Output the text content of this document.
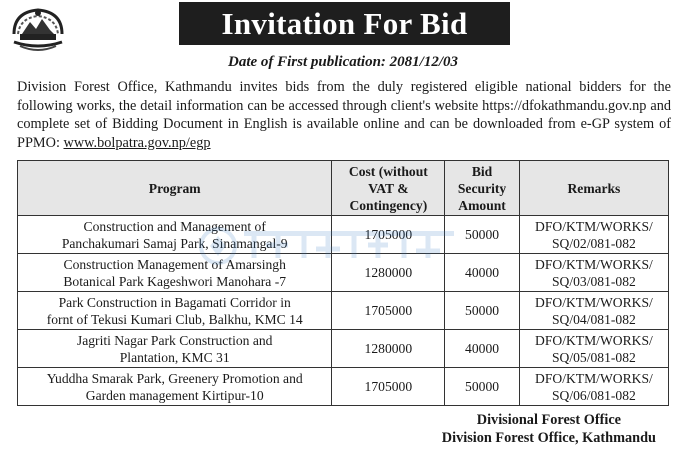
Invitation For Bid
Date of First publication: 2081/12/03

Division Forest Office, Kathmandu invites bids from the duly registered eligible national bidders for the following works, the detail information can be accessed through client's website https://dfokathmandu.gov.np and complete set of Bidding Document in English is available online and can be downloaded from e-GP system of PPMO: www.bolpatra.gov.np/egp

Program	Cost (without VAT & Contingency)	Bid Security Amount	Remarks
Construction and Management of
Panchakumari Samaj Park, Sinamangal-9	1705000	50000	DFO/KTM/WORKS/
SQ/02/081-082
Construction Management of Amarsingh
Botanical Park Kageshwori Manohara -7	1280000	40000	DFO/KTM/WORKS/
SQ/03/081-082
Park Construction in Bagamati Corridor in
fornt of Tekusi Kumari Club, Balkhu, KMC 14	1705000	50000	DFO/KTM/WORKS/
SQ/04/081-082
Jagriti Nagar Park Construction and
Plantation, KMC 31	1280000	40000	DFO/KTM/WORKS/
SQ/05/081-082
Yuddha Smarak Park, Greenery Promotion and
Garden management Kirtipur-10	1705000	50000	DFO/KTM/WORKS/
SQ/06/081-082
Divisional Forest Office
Division Forest Office, Kathmandu
